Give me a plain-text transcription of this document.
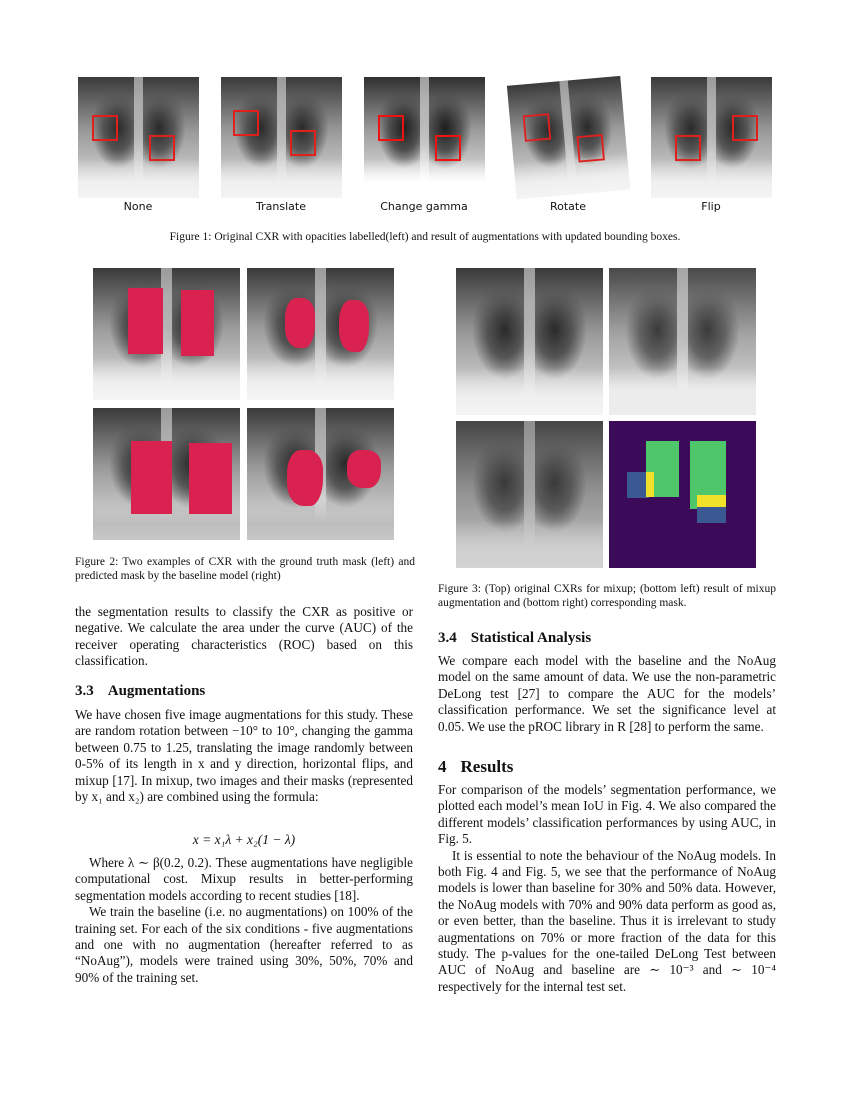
None	Translate	Change gamma	Rotate	Flip
Figure 1: Original CXR with opacities labelled(left) and result of augmentations with updated bounding boxes.
Figure 2: Two examples of CXR with the ground truth mask (left) and predicted mask by the baseline model (right)
Figure 3: (Top) original CXRs for mixup; (bottom left) result of mixup augmentation and (bottom right) corresponding mask.

the segmentation results to classify the CXR as positive or negative. We calculate the area under the curve (AUC) of the receiver operating characteristics (ROC) based on this classification.

3.3 Augmentations

We have chosen five image augmentations for this study. These are random rotation between −10° to 10°, changing the gamma between 0.75 to 1.25, translating the image randomly between 0-5% of its length in x and y direction, horizontal flips, and mixup [17]. In mixup, two images and their masks (represented by x₁ and x₂) are combined using the formula:

x = x₁λ + x₂(1 − λ)

Where λ ∼ β(0.2, 0.2). These augmentations have negligible computational cost. Mixup results in better-performing segmentation models according to recent studies [18].

We train the baseline (i.e. no augmentations) on 100% of the training set. For each of the six conditions - five augmentations and one with no augmentation (hereafter referred to as “NoAug”), models were trained using 30%, 50%, 70% and 90% of the training set.

3.4 Statistical Analysis

We compare each model with the baseline and the NoAug model on the same amount of data. We use the non-parametric DeLong test [27] to compare the AUC for the models’ classification performance. We set the significance level at 0.05. We use the pROC library in R [28] to perform the same.

4 Results

For comparison of the models’ segmentation performance, we plotted each model’s mean IoU in Fig. 4. We also compared the different models’ classification performances by using AUC, in Fig. 5.

It is essential to note the behaviour of the NoAug models. In both Fig. 4 and Fig. 5, we see that the performance of NoAug models is lower than baseline for 30% and 50% data. However, the NoAug models with 70% and 90% data perform as good as, or even better, than the baseline. Thus it is irrelevant to study augmentations on 70% or more fraction of the data for this study. The p-values for the one-tailed DeLong Test between AUC of NoAug and baseline are ∼ 10⁻³ and ∼ 10⁻⁴ respectively for the internal test set.
